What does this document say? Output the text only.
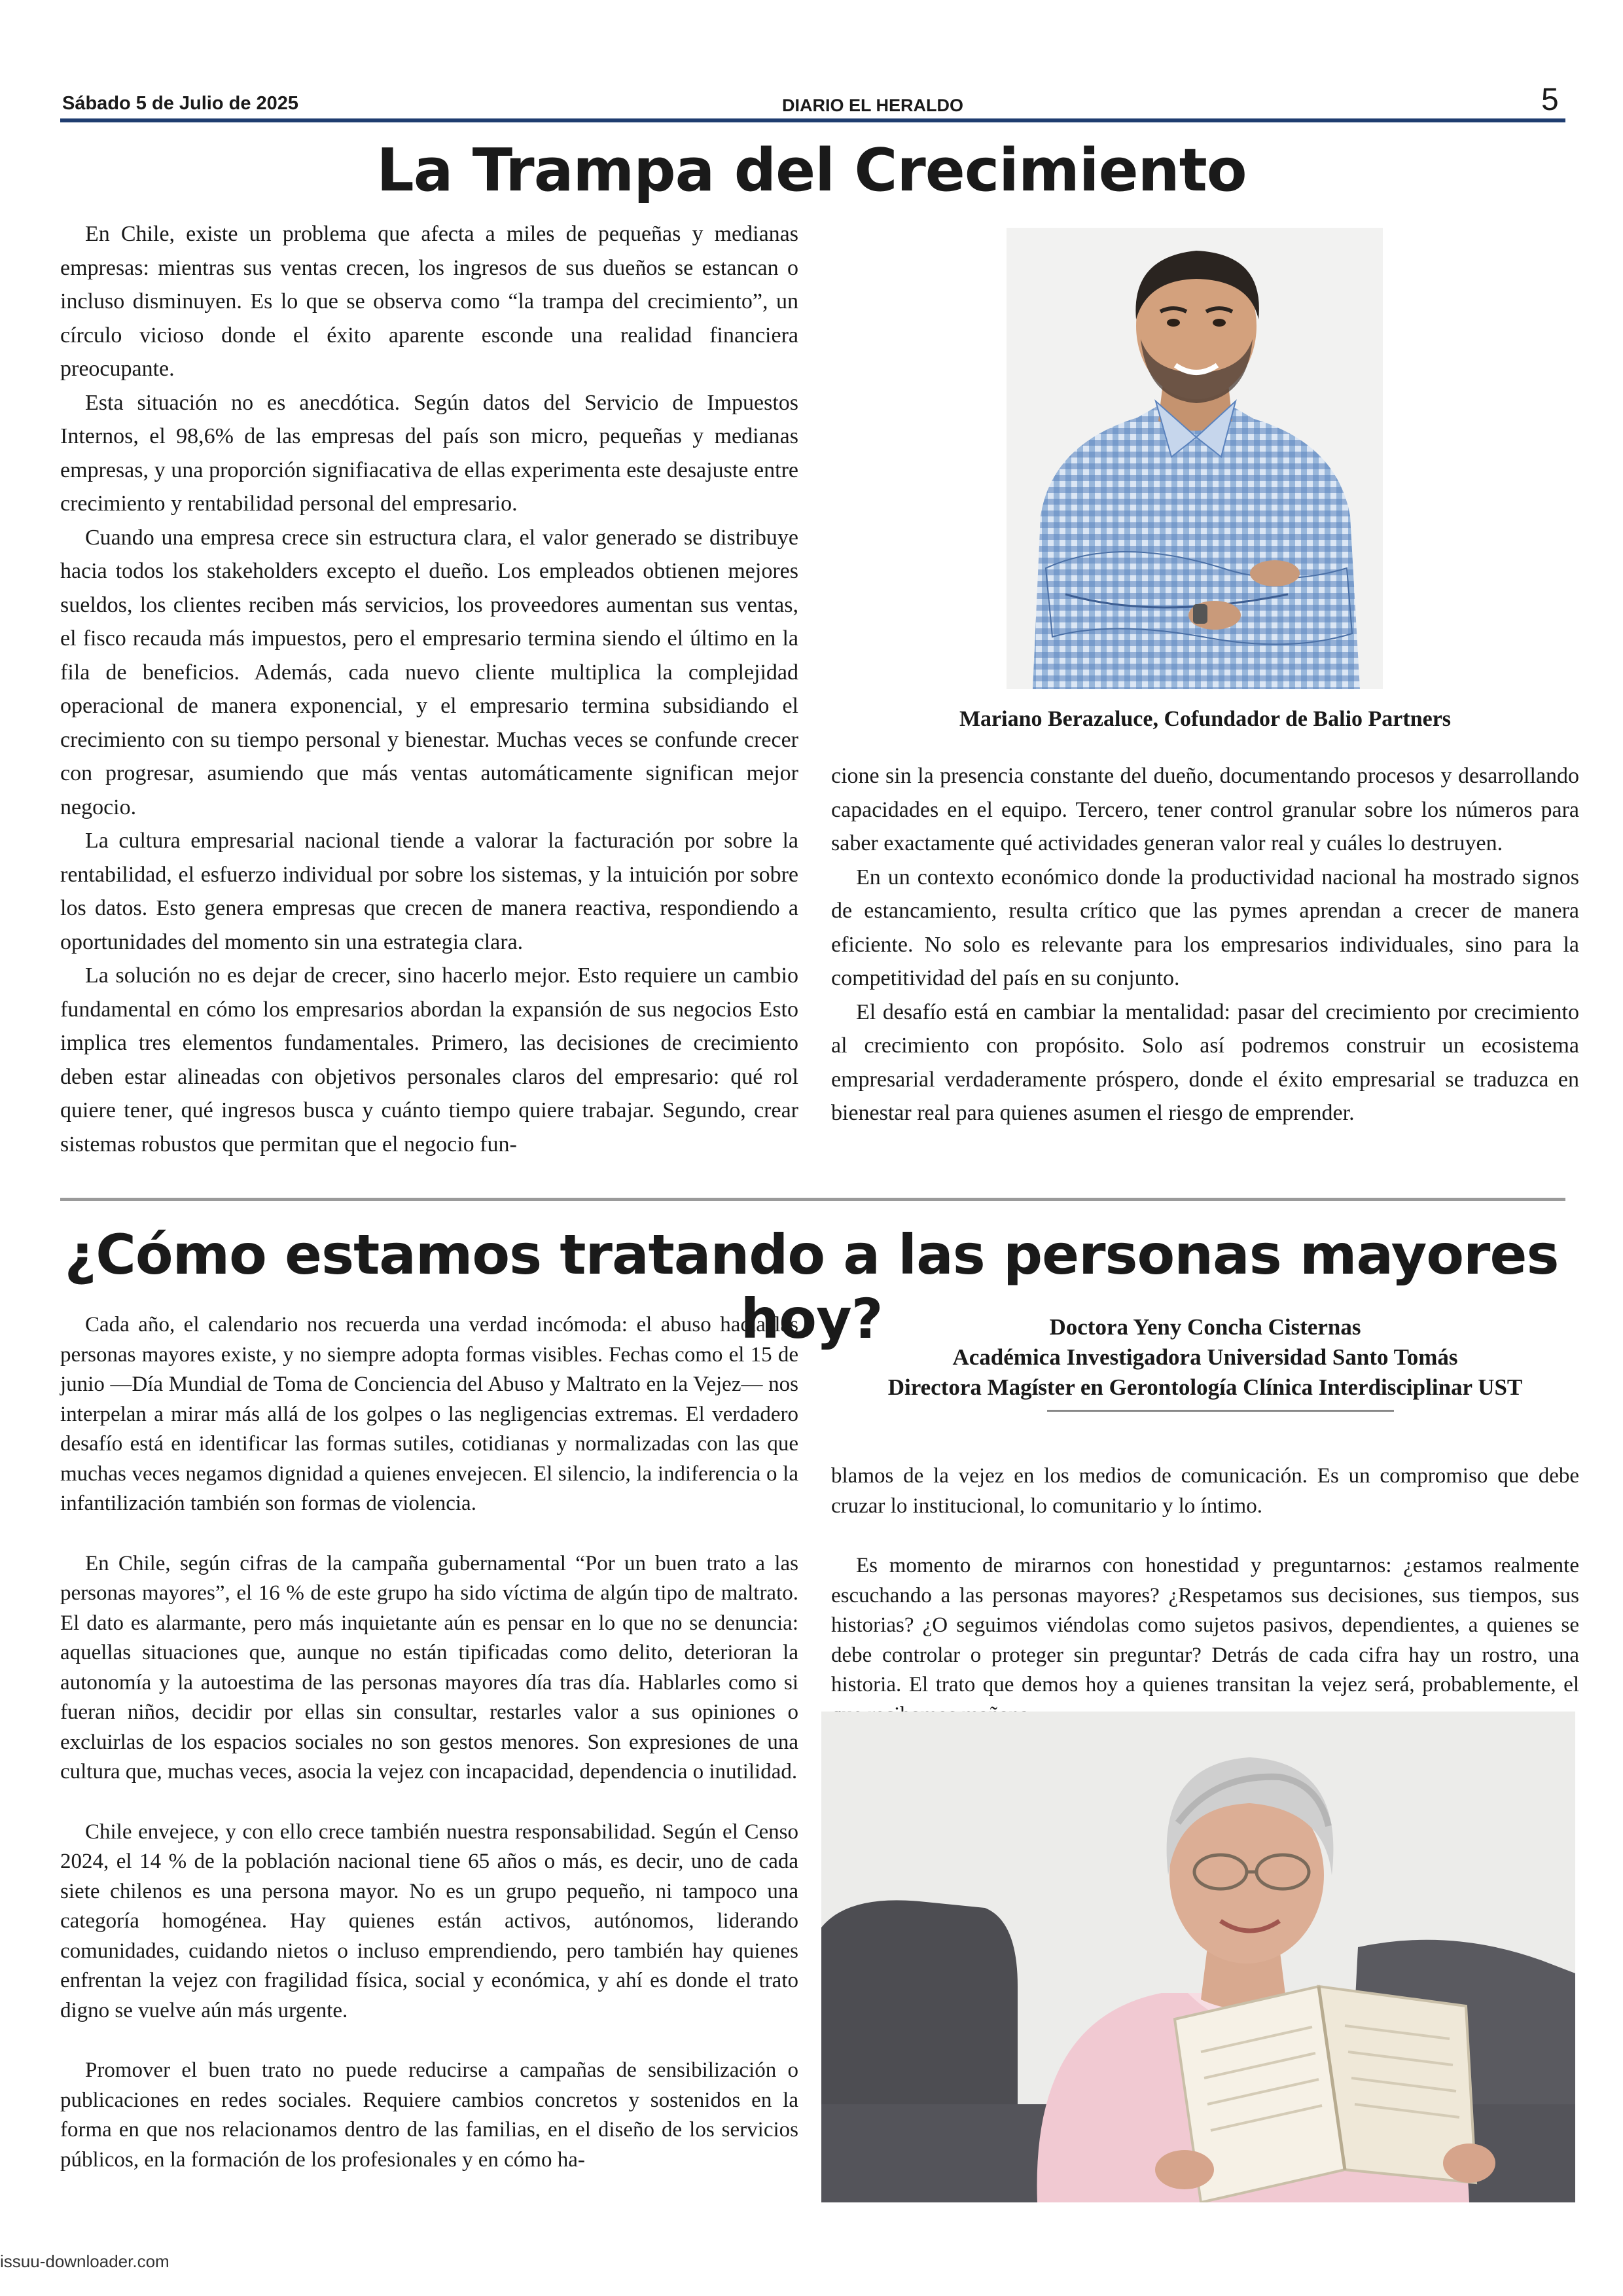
Sábado 5 de Julio de 2025	DIARIO EL HERALDO	5
La Trampa del Crecimiento

En Chile, existe un problema que afecta a miles de pequeñas y medianas empresas: mientras sus ventas crecen, los ingresos de sus dueños se estancan o incluso disminuyen. Es lo que se observa como “la trampa del crecimiento”, un círculo vicioso donde el éxito aparente esconde una realidad financiera preocupante.

Esta situación no es anecdótica. Según datos del Servicio de Impuestos Internos, el 98,6% de las empresas del país son micro, pequeñas y medianas empresas, y una proporción signifiacativa de ellas experimenta este desajuste entre crecimiento y rentabilidad personal del empresario.

Cuando una empresa crece sin estructura clara, el valor generado se distribuye hacia todos los stakeholders excepto el dueño. Los empleados obtienen mejores sueldos, los clientes reciben más servicios, los proveedores aumentan sus ventas, el fisco recauda más impuestos, pero el empresario termina siendo el último en la fila de beneficios. Además, cada nuevo cliente multiplica la complejidad operacional de manera exponencial, y el empresario termina subsidiando el crecimiento con su tiempo personal y bienestar. Muchas veces se confunde crecer con progresar, asumiendo que más ventas automáticamente significan mejor negocio.

La cultura empresarial nacional tiende a valorar la facturación por sobre la rentabilidad, el esfuerzo individual por sobre los sistemas, y la intuición por sobre los datos. Esto genera empresas que crecen de manera reactiva, respondiendo a oportunidades del momento sin una estrategia clara.

La solución no es dejar de crecer, sino hacerlo mejor. Esto requiere un cambio fundamental en cómo los empresarios abordan la expansión de sus negocios Esto implica tres elementos fundamentales. Primero, las decisiones de crecimiento deben estar alineadas con objetivos personales claros del empresario: qué rol quiere tener, qué ingresos busca y cuánto tiempo quiere trabajar. Segundo, crear sistemas robustos que permitan que el negocio fun-

Mariano Berazaluce, Cofundador de Balio Partners

cione sin la presencia constante del dueño, documentando procesos y desarrollando capacidades en el equipo. Tercero, tener control granular sobre los números para saber exactamente qué actividades generan valor real y cuáles lo destruyen.

En un contexto económico donde la productividad nacional ha mostrado signos de estancamiento, resulta crítico que las pymes aprendan a crecer de manera eficiente. No solo es relevante para los empresarios individuales, sino para la competitividad del país en su conjunto.

El desafío está en cambiar la mentalidad: pasar del crecimiento por crecimiento al crecimiento con propósito. Solo así podremos construir un ecosistema empresarial verdaderamente próspero, donde el éxito empresarial se traduzca en bienestar real para quienes asumen el riesgo de emprender.

¿Cómo estamos tratando a las personas mayores hoy?

Cada año, el calendario nos recuerda una verdad incómoda: el abuso hacia las personas mayores existe, y no siempre adopta formas visibles. Fechas como el 15 de junio —Día Mundial de Toma de Conciencia del Abuso y Maltrato en la Vejez— nos interpelan a mirar más allá de los golpes o las negligencias extremas. El verdadero desafío está en identificar las formas sutiles, cotidianas y normalizadas con las que muchas veces negamos dignidad a quienes envejecen. El silencio, la indiferencia o la infantilización también son formas de violencia.

En Chile, según cifras de la campaña gubernamental “Por un buen trato a las personas mayores”, el 16 % de este grupo ha sido víctima de algún tipo de maltrato. El dato es alarmante, pero más inquietante aún es pensar en lo que no se denuncia: aquellas situaciones que, aunque no están tipificadas como delito, deterioran la autonomía y la autoestima de las personas mayores día tras día. Hablarles como si fueran niños, decidir por ellas sin consultar, restarles valor a sus opiniones o excluirlas de los espacios sociales no son gestos menores. Son expresiones de una cultura que, muchas veces, asocia la vejez con incapacidad, dependencia o inutilidad.

Chile envejece, y con ello crece también nuestra responsabilidad. Según el Censo 2024, el 14 % de la población nacional tiene 65 años o más, es decir, uno de cada siete chilenos es una persona mayor. No es un grupo pequeño, ni tampoco una categoría homogénea. Hay quienes están activos, autónomos, liderando comunidades, cuidando nietos o incluso emprendiendo, pero también hay quienes enfrentan la vejez con fragilidad física, social y económica, y ahí es donde el trato digno se vuelve aún más urgente.

Promover el buen trato no puede reducirse a campañas de sensibilización o publicaciones en redes sociales. Requiere cambios concretos y sostenidos en la forma en que nos relacionamos dentro de las familias, en el diseño de los servicios públicos, en la formación de los profesionales y en cómo ha-

Doctora Yeny Concha Cisternas
Académica Investigadora Universidad Santo Tomás
Directora Magíster en Gerontología Clínica Interdisciplinar UST

blamos de la vejez en los medios de comunicación. Es un compromiso que debe cruzar lo institucional, lo comunitario y lo íntimo.

Es momento de mirarnos con honestidad y preguntarnos: ¿estamos realmente escuchando a las personas mayores? ¿Respetamos sus decisiones, sus tiempos, sus historias? ¿O seguimos viéndolas como sujetos pasivos, dependientes, a quienes se debe controlar o proteger sin preguntar? Detrás de cada cifra hay un rostro, una historia. El trato que demos hoy a quienes transitan la vejez será, probablemente, el

issuu-downloader.com
